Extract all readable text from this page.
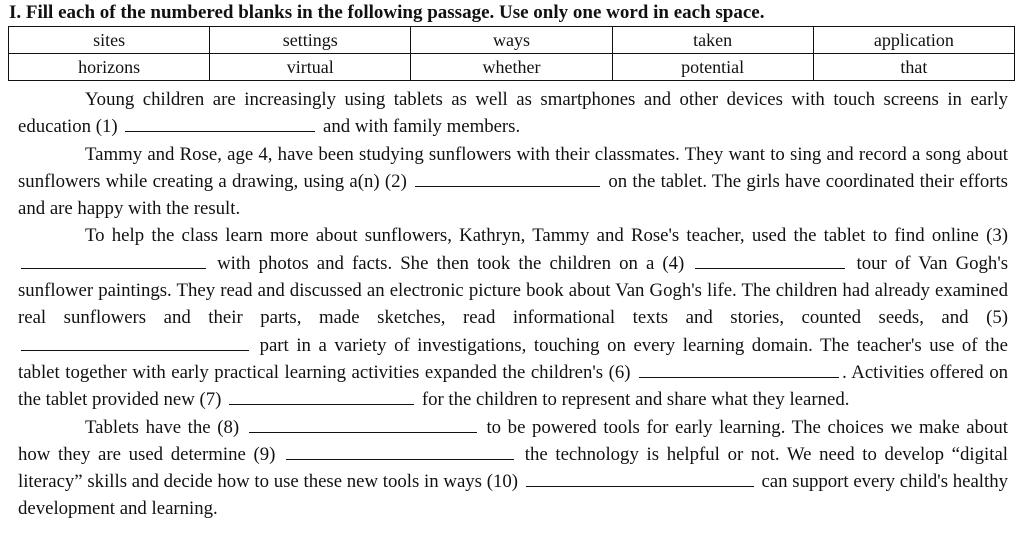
I. Fill each of the numbered blanks in the following passage. Use only one word in each space.
sites	settings	ways	taken	application
horizons	virtual	whether	potential	that

Young children are increasingly using tablets as well as smartphones and other devices with touch screens in early education (1)	and with family members.

Tammy and Rose, age 4, have been studying sunflowers with their classmates. They want to sing and record a song about sunflowers while creating a drawing, using a(n) (2)	on the tablet. The girls have coordinated their efforts and are happy with the result.

To help the class learn more about sunflowers, Kathryn, Tammy and Rose's teacher, used the tablet to find online (3)  with photos and facts. She then took the children on a (4)	tour of Van Gogh's sunflower paintings. They read and discussed an electronic picture book about Van Gogh's life. The children had already examined real sunflowers and their parts, made sketches, read informational texts and stories, counted seeds, and (5)  part in a variety of investigations, touching on every learning domain. The teacher's use of the tablet together with early practical learning activities expanded the children's (6)	. Activities offered on the tablet provided new (7)	for the children to represent and share what they learned.

Tablets have the (8)	to be powered tools for early learning. The choices we make about how they are used determine (9)	the technology is helpful or not. We need to develop “digital literacy” skills and decide how to use these new tools in ways (10)	can support every child's healthy development and learning.
